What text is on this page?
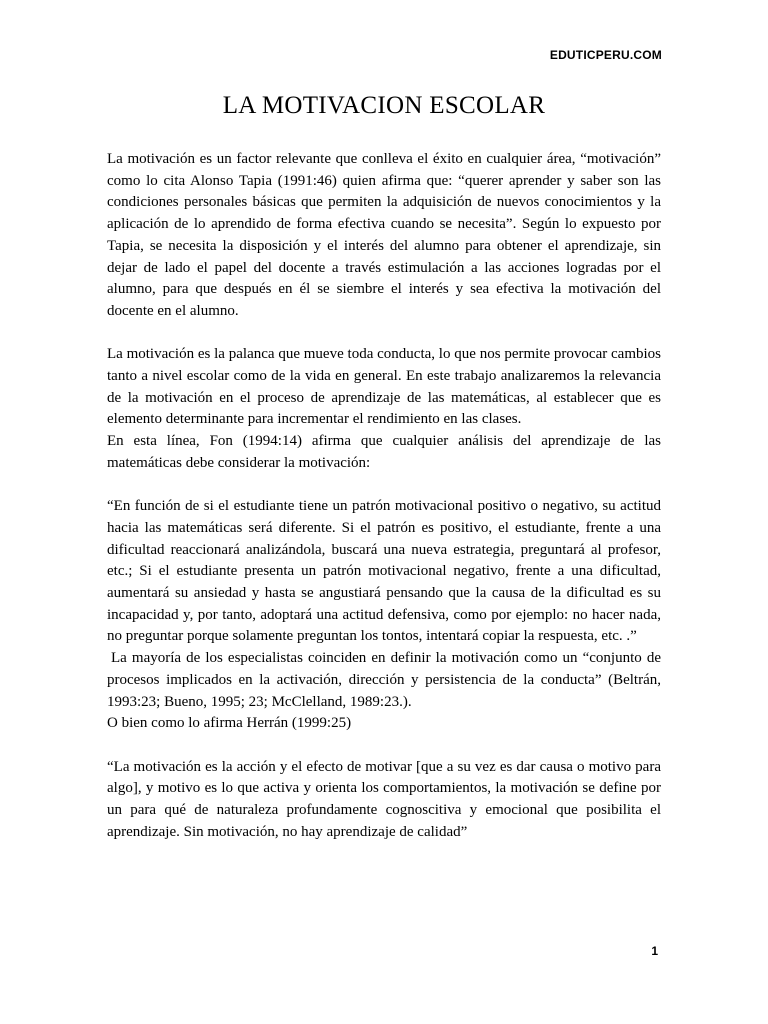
EDUTICPERU.COM
LA MOTIVACION ESCOLAR

La motivación es un factor relevante que conlleva el éxito en cualquier área, “motivación” como lo cita Alonso Tapia (1991:46) quien afirma que: “querer aprender y saber son las condiciones personales básicas que permiten la adquisición de nuevos conocimientos y la aplicación de lo aprendido de forma efectiva cuando se necesita”. Según lo expuesto por Tapia, se necesita la disposición y el interés del alumno para obtener el aprendizaje, sin dejar de lado el papel del docente a través estimulación a las acciones logradas por el alumno, para que después en él se siembre el interés y sea efectiva la motivación del docente en el alumno.

La motivación es la palanca que mueve toda conducta, lo que nos permite provocar cambios tanto a nivel escolar como de la vida en general. En este trabajo analizaremos la relevancia de la motivación en el proceso de aprendizaje de las matemáticas, al establecer que es elemento determinante para incrementar el rendimiento en las clases.

En esta línea, Fon (1994:14) afirma que cualquier análisis del aprendizaje de las matemáticas debe considerar la motivación:

“En función de si el estudiante tiene un patrón motivacional positivo o negativo, su actitud hacia las matemáticas será diferente. Si el patrón es positivo, el estudiante, frente a una dificultad reaccionará analizándola, buscará una nueva estrategia, preguntará al profesor, etc.; Si el estudiante presenta un patrón motivacional negativo, frente a una dificultad, aumentará su ansiedad y hasta se angustiará pensando que la causa de la dificultad es su incapacidad y, por tanto, adoptará una actitud defensiva, como por ejemplo: no hacer nada, no preguntar porque solamente preguntan los tontos, intentará copiar la respuesta, etc. .”

La mayoría de los especialistas coinciden en definir la motivación como un “conjunto de procesos implicados en la activación, dirección y persistencia de la conducta” (Beltrán, 1993:23; Bueno, 1995; 23; McClelland, 1989:23.).

O bien como lo afirma Herrán (1999:25)

“La motivación es la acción y el efecto de motivar [que a su vez es dar causa o motivo para algo], y motivo es lo que activa y orienta los comportamientos, la motivación se define por un para qué de naturaleza profundamente cognoscitiva y emocional que posibilita el aprendizaje. Sin motivación, no hay aprendizaje de calidad”

1
